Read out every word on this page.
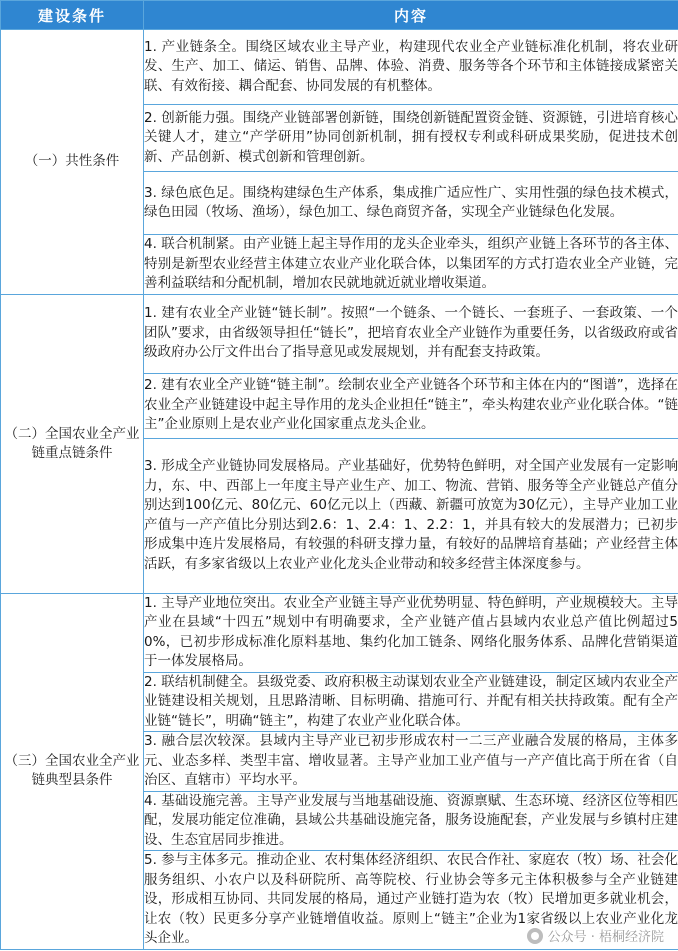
建设条件	内容
（一）共性条件	1. 产业链条全。围绕区域农业主导产业，构建现代农业全产业链标准化机制，将农业研发、生产、加工、储运、销售、品牌、体验、消费、服务等各个环节和主体链接成紧密关联、有效衔接、耦合配套、协同发展的有机整体。
	2. 创新能力强。围绕产业链部署创新链，围绕创新链配置资金链、资源链，引进培育核心关键人才，建立“产学研用”协同创新机制，拥有授权专利或科研成果奖励，促进技术创新、产品创新、模式创新和管理创新。
	3. 绿色底色足。围绕构建绿色生产体系，集成推广适应性广、实用性强的绿色技术模式，绿色田园（牧场、渔场），绿色加工、绿色商贸齐备，实现全产业链绿色化发展。
	4. 联合机制紧。由产业链上起主导作用的龙头企业牵头，组织产业链上各环节的各主体、特别是新型农业经营主体建立农业产业化联合体，以集团军的方式打造农业全产业链，完善利益联结和分配机制，增加农民就地就近就业增收渠道。
（二）全国农业全产业链重点链条件	1. 建有农业全产业链“链长制”。按照“一个链条、一个链长、一套班子、一套政策、一个团队”要求，由省级领导担任“链长”，把培育农业全产业链作为重要任务，以省级政府或省级政府办公厅文件出台了指导意见或发展规划，并有配套支持政策。
	2. 建有农业全产业链“链主制”。绘制农业全产业链各个环节和主体在内的“图谱”，选择在农业全产业链建设中起主导作用的龙头企业担任“链主”，牵头构建农业产业化联合体。“链主”企业原则上是农业产业化国家重点龙头企业。
	3. 形成全产业链协同发展格局。产业基础好，优势特色鲜明，对全国产业发展有一定影响力，东、中、西部上一年度主导产业生产、加工、物流、营销、服务等全产业链总产值分别达到100亿元、80亿元、60亿元以上（西藏、新疆可放宽为30亿元），主导产业加工业产值与一产产值比分别达到2.6：1、2.4：1、2.2：1，并具有较大的发展潜力；已初步形成集中连片发展格局，有较强的科研支撑力量，有较好的品牌培育基础；产业经营主体活跃，有多家省级以上农业产业化龙头企业带动和较多经营主体深度参与。
（三）全国农业全产业链典型县条件	1. 主导产业地位突出。农业全产业链主导产业优势明显、特色鲜明，产业规模较大。主导产业在县域“十四五”规划中有明确要求，全产业链产值占县域内农业总产值比例超过50%，已初步形成标准化原料基地、集约化加工链条、网络化服务体系、品牌化营销渠道于一体发展格局。
	2. 联结机制健全。县级党委、政府积极主动谋划农业全产业链建设，制定区域内农业全产业链建设相关规划，且思路清晰、目标明确、措施可行、并配有相关扶持政策。配有全产业链“链长”，明确“链主”，构建了农业产业化联合体。
	3. 融合层次较深。县域内主导产业已初步形成农村一二三产业融合发展的格局，主体多元、业态多样、类型丰富、增收显著。主导产业加工业产值与一产产值比高于所在省（自治区、直辖市）平均水平。
	4. 基础设施完善。主导产业发展与当地基础设施、资源禀赋、生态环境、经济区位等相匹配，发展功能定位准确，县域公共基础设施完备，服务设施配套，产业发展与乡镇村庄建设、生态宜居同步推进。
	5. 参与主体多元。推动企业、农村集体经济组织、农民合作社、家庭农（牧）场、社会化服务组织、小农户以及科研院所、高等院校、行业协会等多元主体积极参与全产业链建设，形成相互协同、共同发展的格局，通过产业链打造为农（牧）民增加更多就业机会，让农（牧）民更多分享产业链增值收益。原则上“链主”企业为1家省级以上农业产业化龙头企业。	公众号 · 梧桐经济院
